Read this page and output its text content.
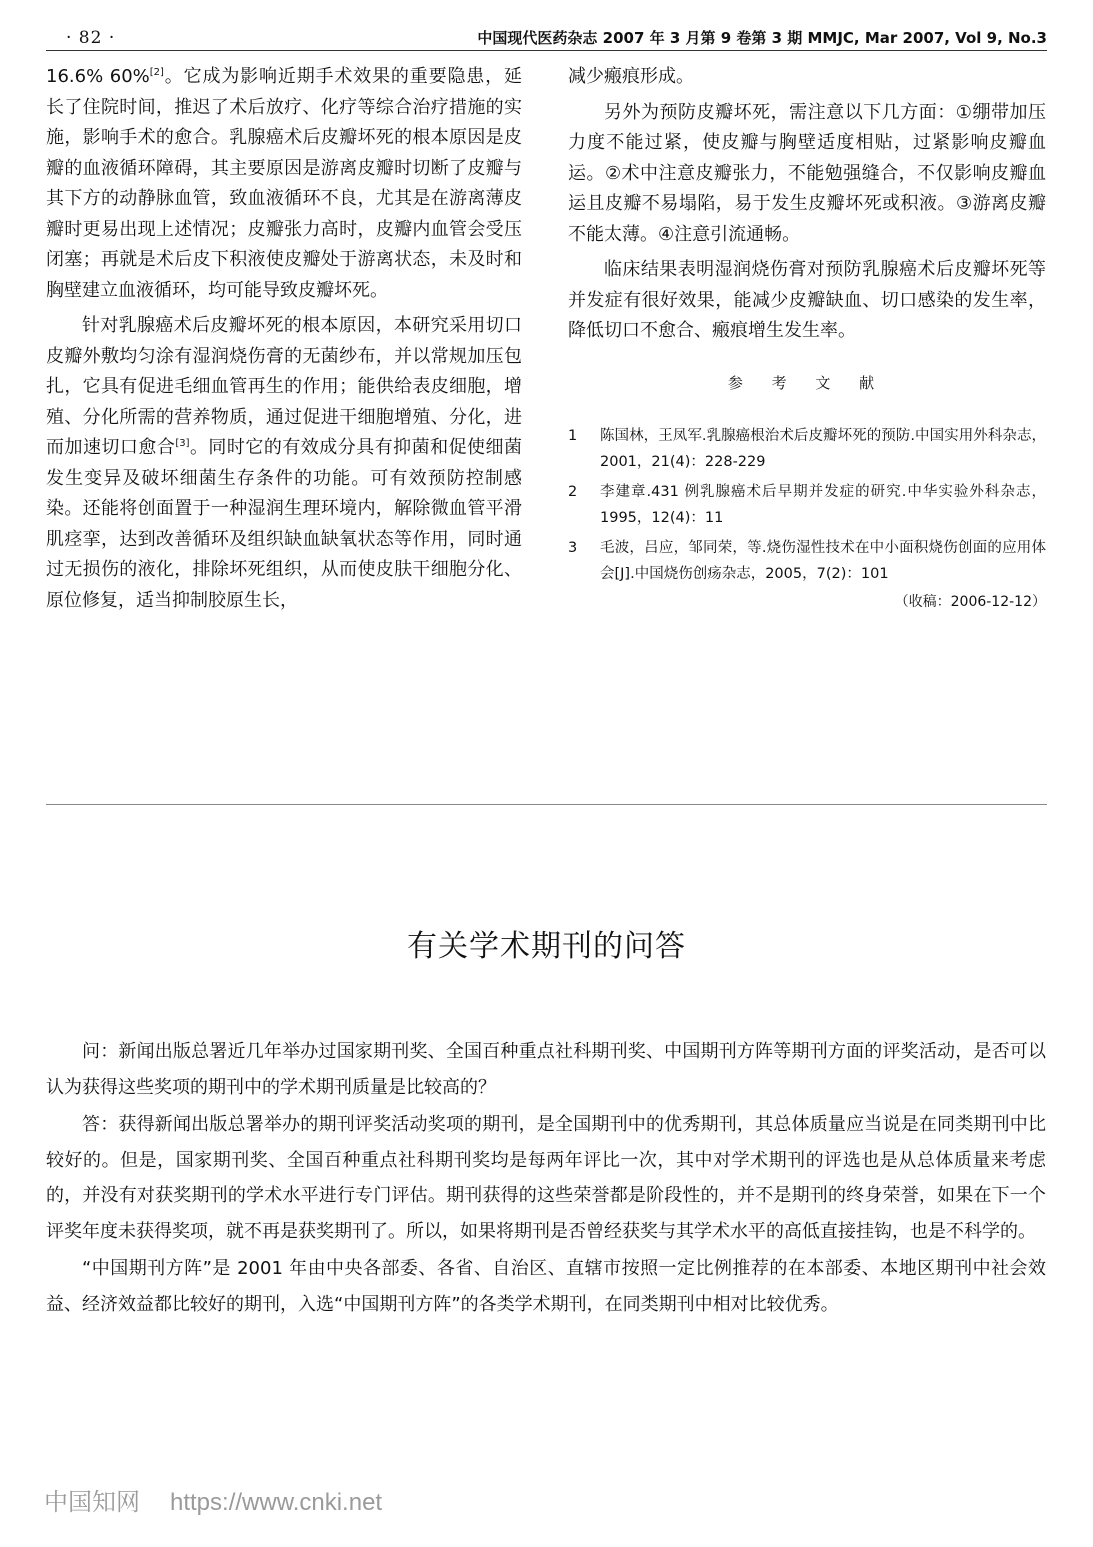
· 82 ·	中国现代医药杂志 2007 年 3 月第 9 卷第 3 期 MMJC, Mar 2007, Vol 9, No.3

16.6% 60%[2]。它成为影响近期手术效果的重要隐患，延长了住院时间，推迟了术后放疗、化疗等综合治疗措施的实施，影响手术的愈合。乳腺癌术后皮瓣坏死的根本原因是皮瓣的血液循环障碍，其主要原因是游离皮瓣时切断了皮瓣与其下方的动静脉血管，致血液循环不良，尤其是在游离薄皮瓣时更易出现上述情况；皮瓣张力高时，皮瓣内血管会受压闭塞；再就是术后皮下积液使皮瓣处于游离状态，未及时和胸壁建立血液循环，均可能导致皮瓣坏死。

针对乳腺癌术后皮瓣坏死的根本原因，本研究采用切口皮瓣外敷均匀涂有湿润烧伤膏的无菌纱布，并以常规加压包扎，它具有促进毛细血管再生的作用；能供给表皮细胞，增殖、分化所需的营养物质，通过促进干细胞增殖、分化，进而加速切口愈合[3]。同时它的有效成分具有抑菌和促使细菌发生变异及破坏细菌生存条件的功能。可有效预防控制感染。还能将创面置于一种湿润生理环境内，解除微血管平滑肌痉挛，达到改善循环及组织缺血缺氧状态等作用，同时通过无损伤的液化，排除坏死组织，从而使皮肤干细胞分化、原位修复，适当抑制胶原生长，

减少瘢痕形成。

另外为预防皮瓣坏死，需注意以下几方面：①绷带加压力度不能过紧，使皮瓣与胸壁适度相贴，过紧影响皮瓣血运。②术中注意皮瓣张力，不能勉强缝合，不仅影响皮瓣血运且皮瓣不易塌陷，易于发生皮瓣坏死或积液。③游离皮瓣不能太薄。④注意引流通畅。

临床结果表明湿润烧伤膏对预防乳腺癌术后皮瓣坏死等并发症有很好效果，能减少皮瓣缺血、切口感染的发生率，降低切口不愈合、瘢痕增生发生率。

参 考 文 献
1	陈国林，王凤军.乳腺癌根治术后皮瓣坏死的预防.中国实用外科杂志，2001，21(4)：228-229
2	李建章.431 例乳腺癌术后早期并发症的研究.中华实验外科杂志，1995，12(4)：11
3	毛波，吕应，邹同荣，等.烧伤湿性技术在中小面积烧伤创面的应用体会[J].中国烧伤创疡杂志，2005，7(2)：101
（收稿：2006-12-12）
有关学术期刊的问答

问：新闻出版总署近几年举办过国家期刊奖、全国百种重点社科期刊奖、中国期刊方阵等期刊方面的评奖活动，是否可以认为获得这些奖项的期刊中的学术期刊质量是比较高的？

答：获得新闻出版总署举办的期刊评奖活动奖项的期刊，是全国期刊中的优秀期刊，其总体质量应当说是在同类期刊中比较好的。但是，国家期刊奖、全国百种重点社科期刊奖均是每两年评比一次，其中对学术期刊的评选也是从总体质量来考虑的，并没有对获奖期刊的学术水平进行专门评估。期刊获得的这些荣誉都是阶段性的，并不是期刊的终身荣誉，如果在下一个评奖年度未获得奖项，就不再是获奖期刊了。所以，如果将期刊是否曾经获奖与其学术水平的高低直接挂钩，也是不科学的。

“中国期刊方阵”是 2001 年由中央各部委、各省、自治区、直辖市按照一定比例推荐的在本部委、本地区期刊中社会效益、经济效益都比较好的期刊，入选“中国期刊方阵”的各类学术期刊，在同类期刊中相对比较优秀。

中国知网 https://www.cnki.net
